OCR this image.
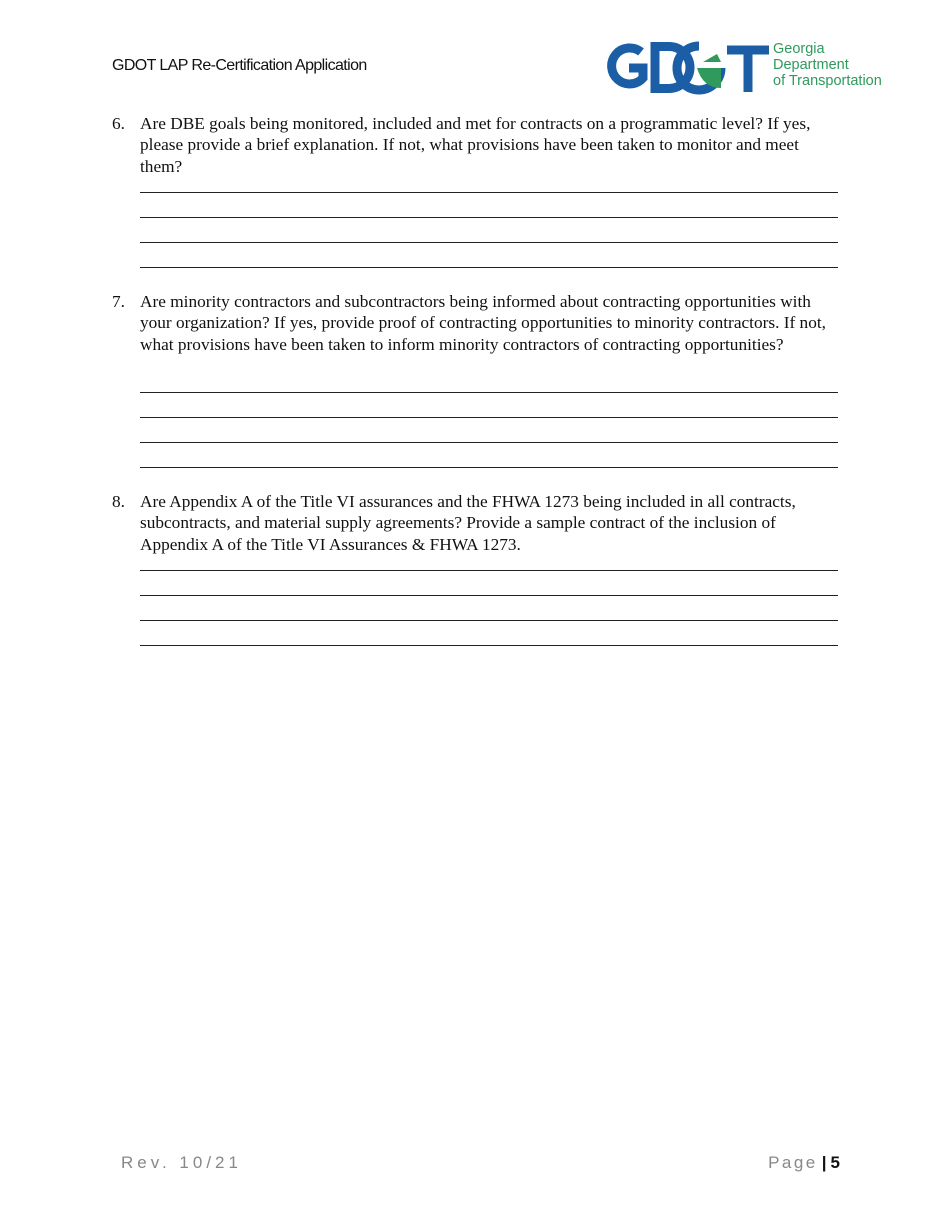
GDOT LAP Re-Certification Application
Georgia
Department
of Transportation
6. Are DBE goals being monitored, included and met for contracts on a programmatic level? If yes, please provide a brief explanation. If not, what provisions have been taken to monitor and meet them?
7. Are minority contractors and subcontractors being informed about contracting opportunities with your organization? If yes, provide proof of contracting opportunities to minority contractors. If not, what provisions have been taken to inform minority contractors of contracting opportunities?
8. Are Appendix A of the Title VI assurances and the FHWA 1273 being included in all contracts, subcontracts, and material supply agreements? Provide a sample contract of the inclusion of Appendix A of the Title VI Assurances & FHWA 1273.
Rev. 10/21	Page | 5
